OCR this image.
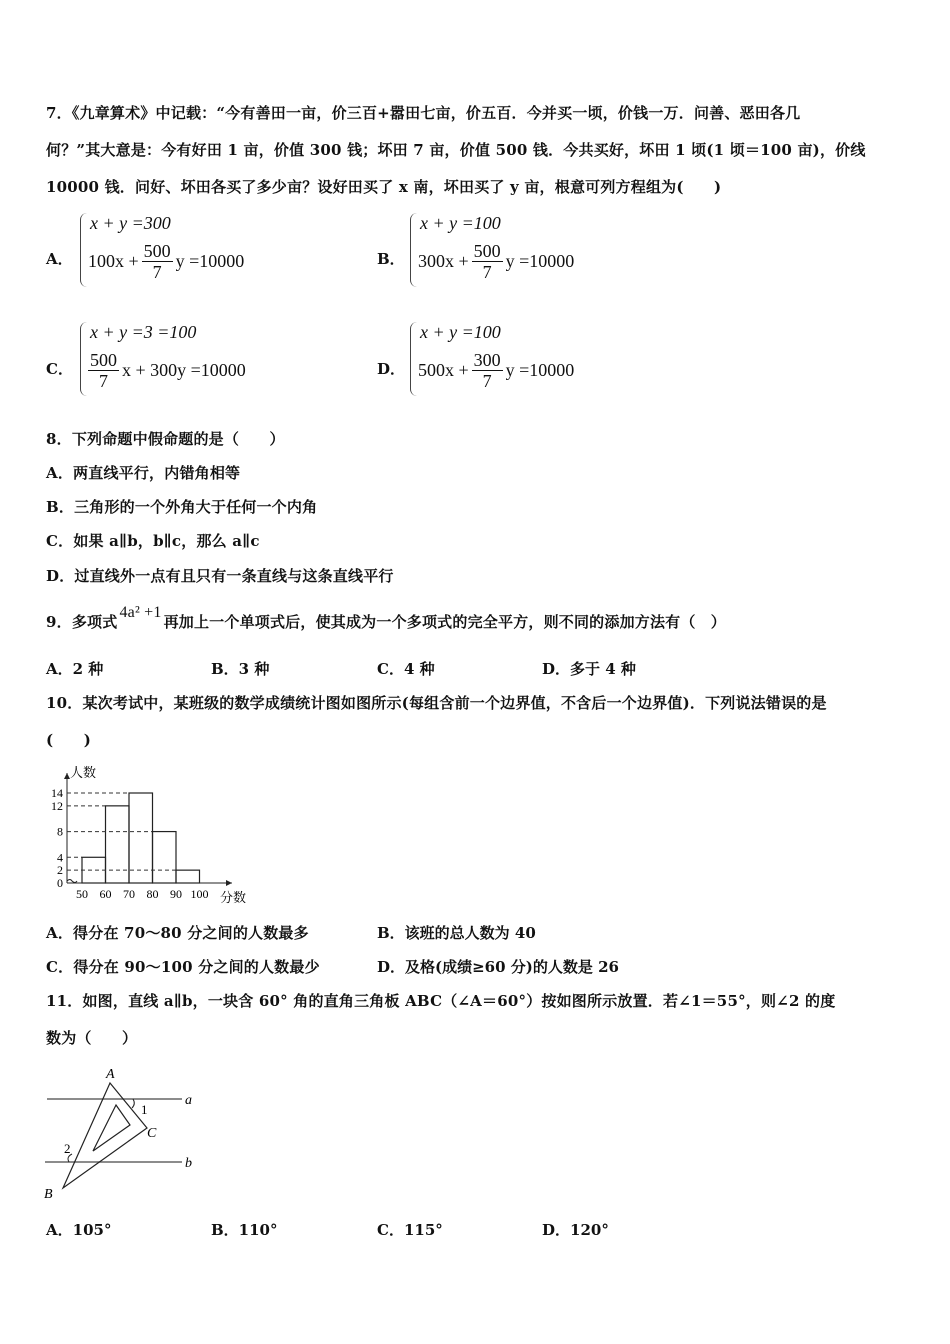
7．《九章算术》中记载：“今有善田一亩，价三百+嚣田七亩，价五百．今并买一顷，价钱一万．问善、恶田各几
何？”其大意是：今有好田 1 亩，价值 300 钱；坏田 7 亩，价值 500 钱．今共买好，坏田 1 顷(1 顷＝100 亩)，价线
10000 钱．问好、坏田各买了多少亩？设好田买了 x 南，坏田买了 y 亩，根意可列方程组为(　　)
A．
x + y =300
$100x + \frac{500}{7}$ y =10000	B．
x + y =100
$300x + \frac{500}{7}$ y =10000
C．
x + y =3 =100
$\frac{500}{7}$ x + 300y =10000	D．
x + y =100
$500x + \frac{300}{7}$ y =10000
8．下列命题中假命题的是（　　）
A．两直线平行，内错角相等
B．三角形的一个外角大于任何一个内角
C．如果 a∥b，b∥c，那么 a∥c
D．过直线外一点有且只有一条直线与这条直线平行
9．多项式4a² +1再加上一个单项式后，使其成为一个多项式的完全平方，则不同的添加方法有（　）
A．2 种	B．3 种	C．4 种	D．多于 4 种
10．某次考试中，某班级的数学成绩统计图如图所示(每组含前一个边界值，不含后一个边界值)．下列说法错误的是
(　　)
0
2
4
8
12
14
50 60 70 80 90 100
人数
分数
A．得分在 70～80 分之间的人数最多	B．该班的总人数为 40
C．得分在 90～100 分之间的人数最少	D．及格(成绩≥60 分)的人数是 26
11．如图，直线 a∥b，一块含 60° 角的直角三角板 ABC（∠A＝60°）按如图所示放置．若∠1＝55°，则∠2 的度
数为（　　）
A
C
B
a
b
1
2
A．105°	B．110°	C．115°	D．120°
